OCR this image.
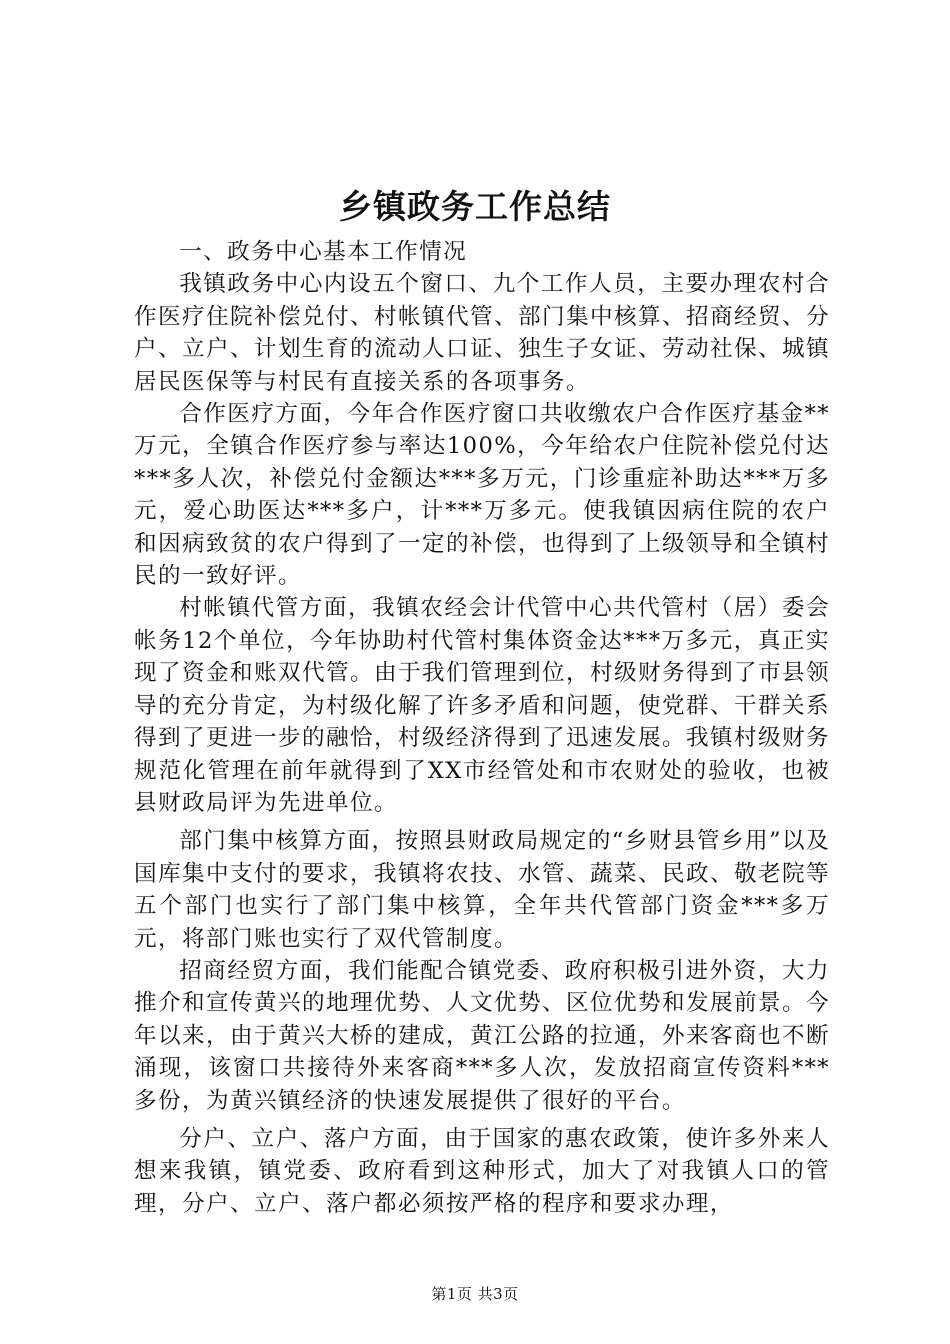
乡镇政务工作总结

一、政务中心基本工作情况

我镇政务中心内设五个窗口、九个工作人员，主要办理农村合作医疗住院补偿兑付、村帐镇代管、部门集中核算、招商经贸、分户、立户、计划生育的流动人口证、独生子女证、劳动社保、城镇居民医保等与村民有直接关系的各项事务。

合作医疗方面，今年合作医疗窗口共收缴农户合作医疗基金**万元，全镇合作医疗参与率达100%，今年给农户住院补偿兑付达***多人次，补偿兑付金额达***多万元，门诊重症补助达***万多元，爱心助医达***多户，计***万多元。使我镇因病住院的农户和因病致贫的农户得到了一定的补偿，也得到了上级领导和全镇村民的一致好评。

村帐镇代管方面，我镇农经会计代管中心共代管村（居）委会帐务12个单位，今年协助村代管村集体资金达***万多元，真正实现了资金和账双代管。由于我们管理到位，村级财务得到了市县领导的充分肯定，为村级化解了许多矛盾和问题，使党群、干群关系得到了更进一步的融恰，村级经济得到了迅速发展。我镇村级财务规范化管理在前年就得到了XX市经管处和市农财处的验收，也被县财政局评为先进单位。

部门集中核算方面，按照县财政局规定的“乡财县管乡用”以及国库集中支付的要求，我镇将农技、水管、蔬菜、民政、敬老院等五个部门也实行了部门集中核算，全年共代管部门资金***多万元，将部门账也实行了双代管制度。

招商经贸方面，我们能配合镇党委、政府积极引进外资，大力推介和宣传黄兴的地理优势、人文优势、区位优势和发展前景。今年以来，由于黄兴大桥的建成，黄江公路的拉通，外来客商也不断涌现，该窗口共接待外来客商***多人次，发放招商宣传资料***多份，为黄兴镇经济的快速发展提供了很好的平台。

分户、立户、落户方面，由于国家的惠农政策，使许多外来人想来我镇，镇党委、政府看到这种形式，加大了对我镇人口的管理，分户、立户、落户都必须按严格的程序和要求办理，

第1页 共3页
